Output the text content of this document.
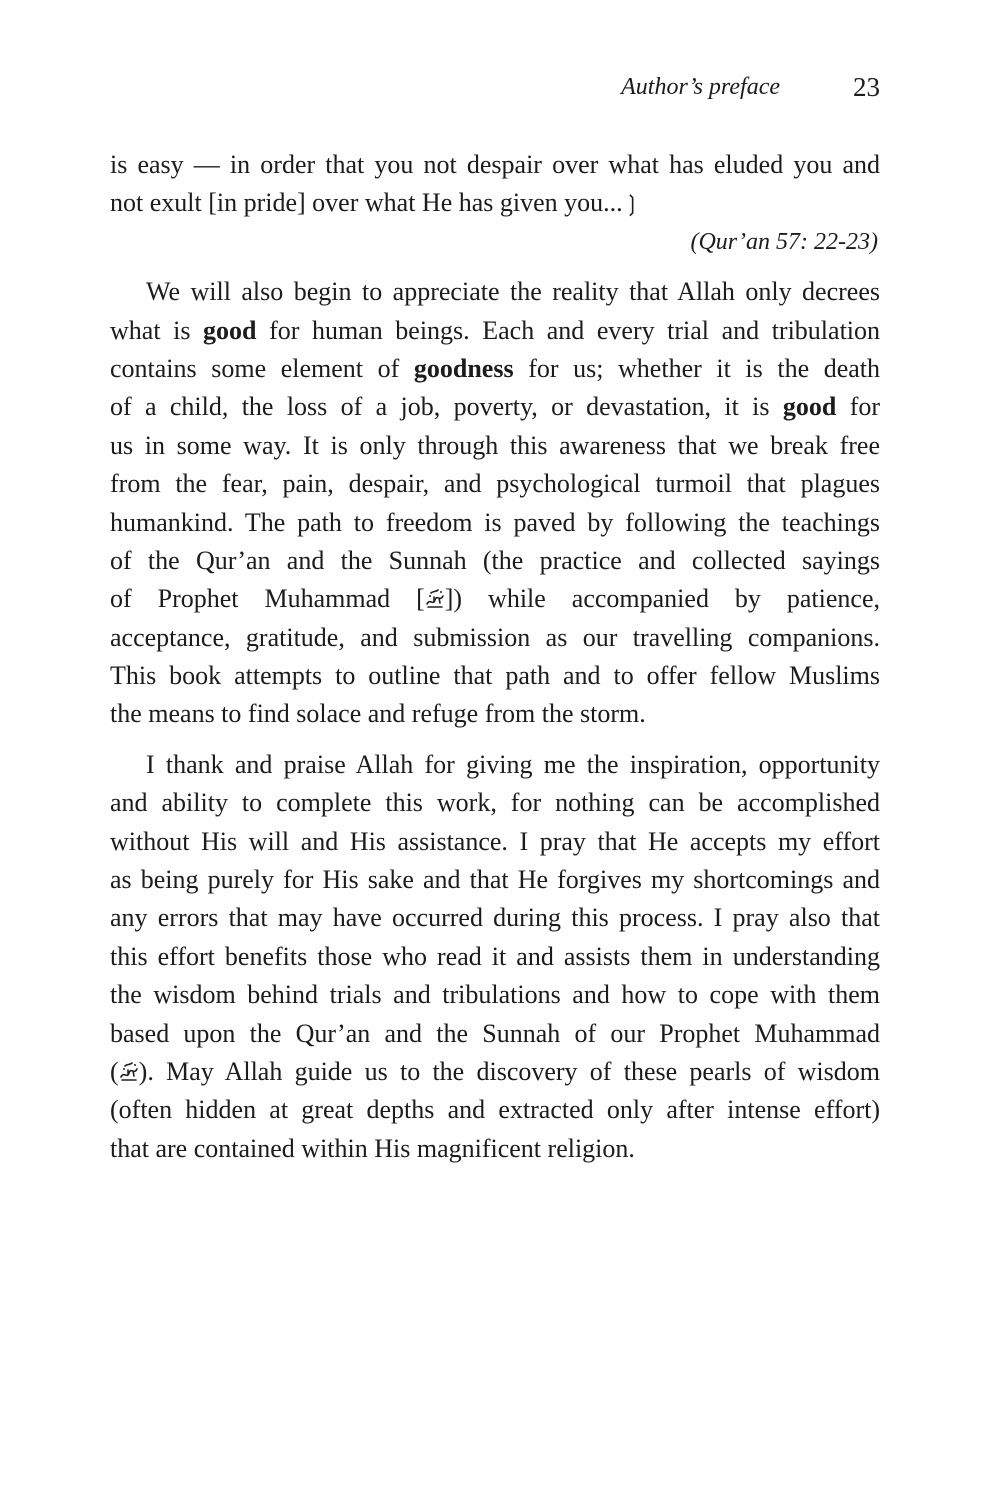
Author’s preface	23
is easy — in order that you not despair over what has eluded you and
not exult [in pride] over what He has given you...❳
(Qur’an 57: 22-23)
We will also begin to appreciate the reality that Allah only decrees
what is good for human beings. Each and every trial and tribulation
contains some element of goodness for us; whether it is the death
of a child, the loss of a job, poverty, or devastation, it is good for
us in some way. It is only through this awareness that we break free
from the fear, pain, despair, and psychological turmoil that plagues
humankind. The path to freedom is paved by following the teachings
of the Qur’an and the Sunnah (the practice and collected sayings
of Prophet Muhammad [ ]) while accompanied by patience,
acceptance, gratitude, and submission as our travelling companions.
This book attempts to outline that path and to offer fellow Muslims
the means to find solace and refuge from the storm.
I thank and praise Allah for giving me the inspiration, opportunity
and ability to complete this work, for nothing can be accomplished
without His will and His assistance. I pray that He accepts my effort
as being purely for His sake and that He forgives my shortcomings and
any errors that may have occurred during this process. I pray also that
this effort benefits those who read it and assists them in understanding
the wisdom behind trials and tribulations and how to cope with them
based upon the Qur’an and the Sunnah of our Prophet Muhammad
( ). May Allah guide us to the discovery of these pearls of wisdom
(often hidden at great depths and extracted only after intense effort)
that are contained within His magnificent religion.
